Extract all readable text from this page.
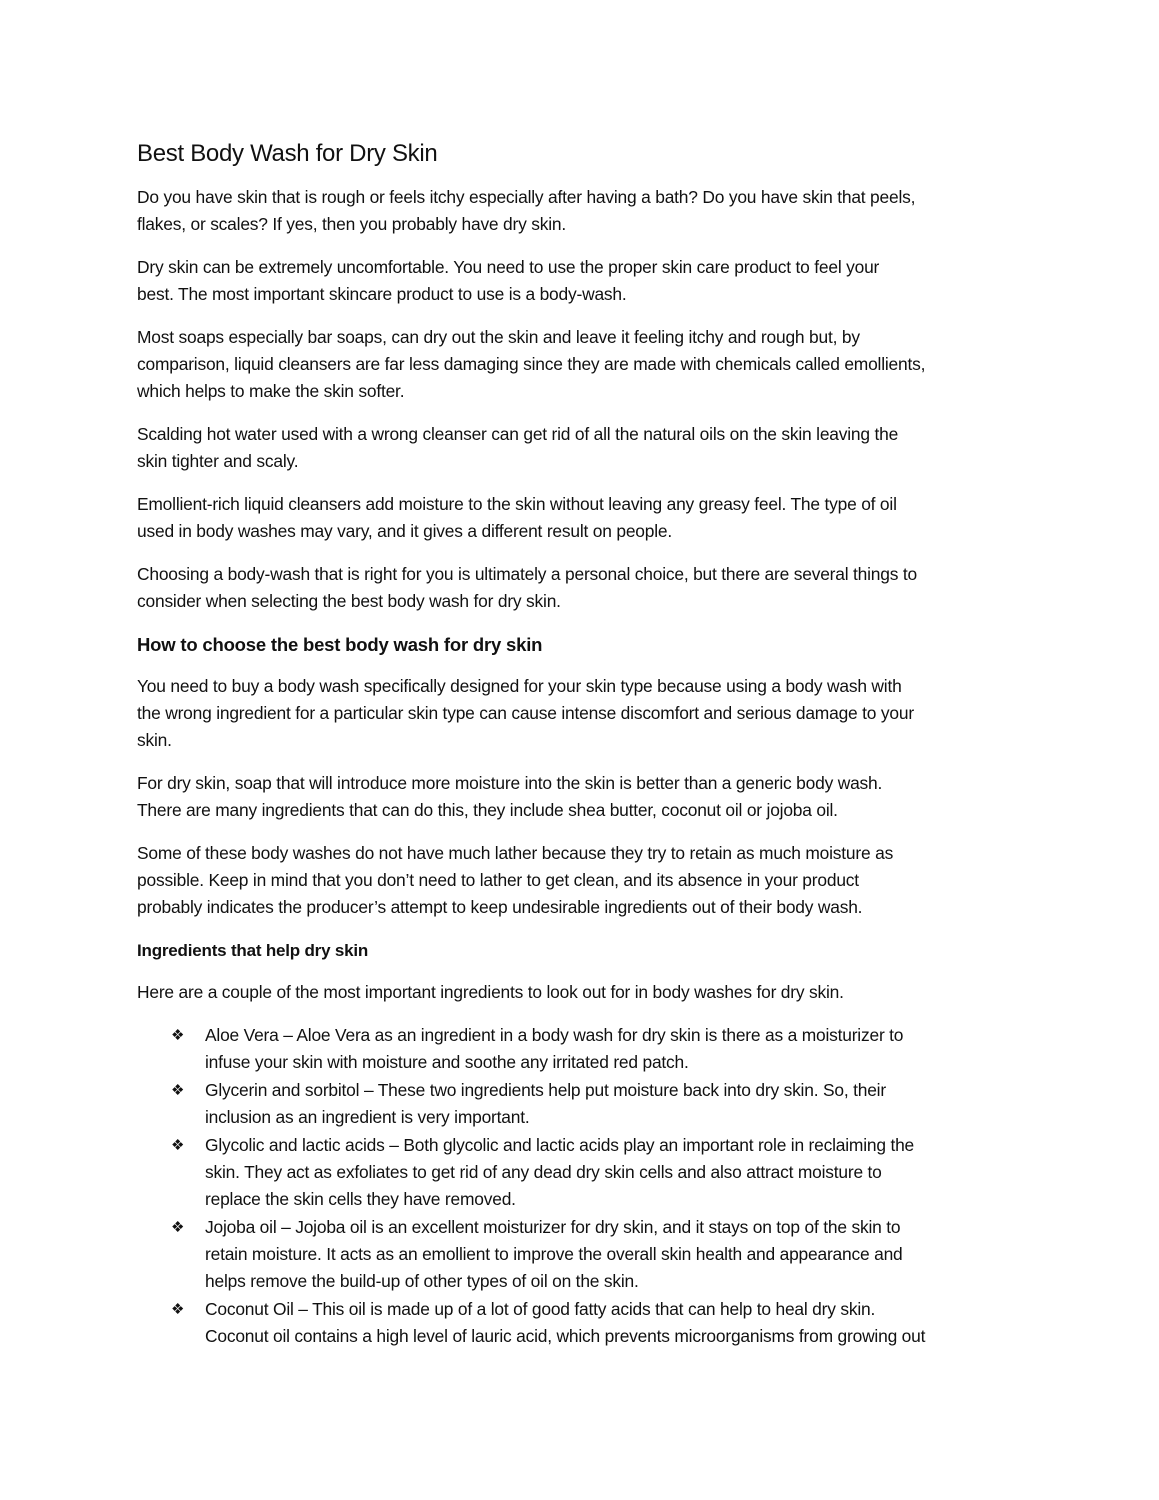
Best Body Wash for Dry Skin

Do you have skin that is rough or feels itchy especially after having a bath? Do you have skin that peels,
flakes, or scales? If yes, then you probably have dry skin.

Dry skin can be extremely uncomfortable. You need to use the proper skin care product to feel your
best. The most important skincare product to use is a body-wash.

Most soaps especially bar soaps, can dry out the skin and leave it feeling itchy and rough but, by
comparison, liquid cleansers are far less damaging since they are made with chemicals called emollients,
which helps to make the skin softer.

Scalding hot water used with a wrong cleanser can get rid of all the natural oils on the skin leaving the
skin tighter and scaly.

Emollient-rich liquid cleansers add moisture to the skin without leaving any greasy feel. The type of oil
used in body washes may vary, and it gives a different result on people.

Choosing a body-wash that is right for you is ultimately a personal choice, but there are several things to
consider when selecting the best body wash for dry skin.

How to choose the best body wash for dry skin

You need to buy a body wash specifically designed for your skin type because using a body wash with
the wrong ingredient for a particular skin type can cause intense discomfort and serious damage to your
skin.

For dry skin, soap that will introduce more moisture into the skin is better than a generic body wash.
There are many ingredients that can do this, they include shea butter, coconut oil or jojoba oil.

Some of these body washes do not have much lather because they try to retain as much moisture as
possible. Keep in mind that you don’t need to lather to get clean, and its absence in your product
probably indicates the producer’s attempt to keep undesirable ingredients out of their body wash.

Ingredients that help dry skin

Here are a couple of the most important ingredients to look out for in body washes for dry skin.

❖ Aloe Vera – Aloe Vera as an ingredient in a body wash for dry skin is there as a moisturizer to
infuse your skin with moisture and soothe any irritated red patch.
❖ Glycerin and sorbitol – These two ingredients help put moisture back into dry skin. So, their
inclusion as an ingredient is very important.
❖ Glycolic and lactic acids – Both glycolic and lactic acids play an important role in reclaiming the
skin. They act as exfoliates to get rid of any dead dry skin cells and also attract moisture to
replace the skin cells they have removed.
❖ Jojoba oil – Jojoba oil is an excellent moisturizer for dry skin, and it stays on top of the skin to
retain moisture. It acts as an emollient to improve the overall skin health and appearance and
helps remove the build-up of other types of oil on the skin.
❖ Coconut Oil – This oil is made up of a lot of good fatty acids that can help to heal dry skin.
Coconut oil contains a high level of lauric acid, which prevents microorganisms from growing out
